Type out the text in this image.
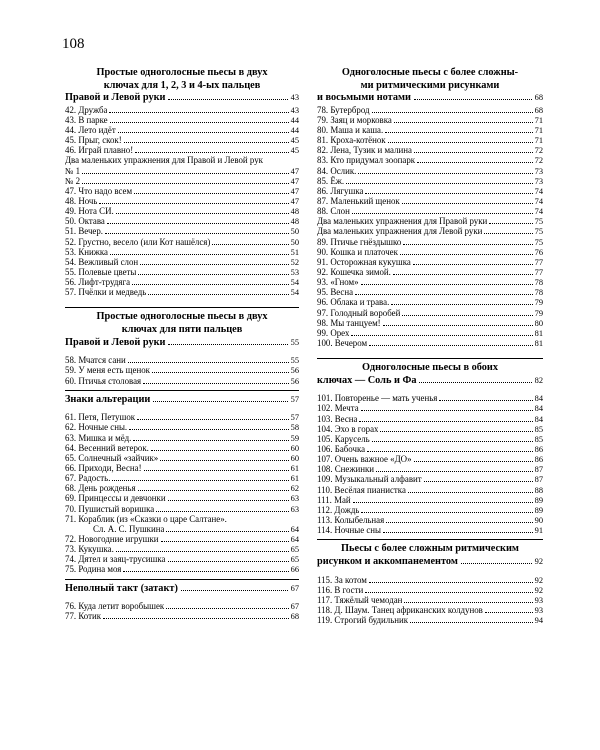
108
Простые одноголосные пьесы в двух
ключах для 1, 2, 3 и 4-ых пальцев
Правой и Левой руки	43
42. Дружба	43
43. В парке	44
44. Лето идёт	44
45. Прыг, скок!	45
46. Играй плавно!	45
Два маленьких упражнения для Правой и Левой рук
№ 1	47
№ 2	47
47. Что надо всем	47
48. Ночь	47
49. Нота СИ.	48
50. Октава	48
51. Вечер.	50
52. Грустно, весело (или Кот нашёлся)	50
53. Книжка	51
54. Вежливый слон	52
55. Полевые цветы	53
56. Лифт-трудяга	54
57. Пчёлки и медведь	54
Простые одноголосные пьесы в двух
ключах для пяти пальцев
Правой и Левой руки	55
58. Мчатся сани	55
59. У меня есть щенок	56
60. Птичья столовая	56
Знаки альтерации	57
61. Петя, Петушок	57
62. Ночные сны.	58
63. Мишка и мёд.	59
64. Весенний ветерок.	60
65. Солнечный «зайчик»	60
66. Приходи, Весна!	61
67. Радость.	61
68. День рожденья	62
69. Принцессы и девчонки	63
70. Пушистый воришка	63
71. Кораблик (из «Сказки о царе Салтане».
Сл. А. С. Пушкина	64
72. Новогодние игрушки	64
73. Кукушка.	65
74. Дятел и заяц-трусишка	65
75. Родина моя	66
Неполный такт (затакт)	67
76. Куда летит воробышек	67
77. Котик	68
Одноголосные пьесы с более сложны-
ми ритмическими рисунками
и восьмыми нотами	68
78. Бутерброд	68
79. Заяц и морковка	71
80. Маша и каша.	71
81. Кроха-котёнок	71
82. Лена, Тузик и малина	72
83. Кто придумал зоопарк	72
84. Ослик.	73
85. Ёж.	73
86. Лягушка	74
87. Маленький щенок	74
88. Слон	74
Два маленьких упражнения для Правой руки	75
Два маленьких упражнения для Левой руки	75
89. Птичье гнёздышко	75
90. Кошка и платочек	76
91. Осторожная кукушка	77
92. Кошечка зимой.	77
93. «Гном»	78
95. Весна	78
96. Облака и трава.	79
97. Голодный воробей	79
98. Мы танцуем!	80
99. Орех	81
100. Вечером	81
Одноголосные пьесы в обоих
ключах — Соль и Фа	82
101. Повторенье — мать ученья	84
102. Мечта	84
103. Весна	84
104. Эхо в горах	85
105. Карусель	85
106. Бабочка	86
107. Очень важное «ДО»	86
108. Снежинки	87
109. Музыкальный алфавит	87
110. Весёлая пианистка	88
111. Май	89
112. Дождь	89
113. Колыбельная	90
114. Ночные сны	91
Пьесы с более сложным ритмическим
рисунком и аккомпанементом	92
115. За котом	92
116. В гости	92
117. Тяжёлый чемодан	93
118. Д. Шаум. Танец африканских колдунов	93
119. Строгий будильник	94
